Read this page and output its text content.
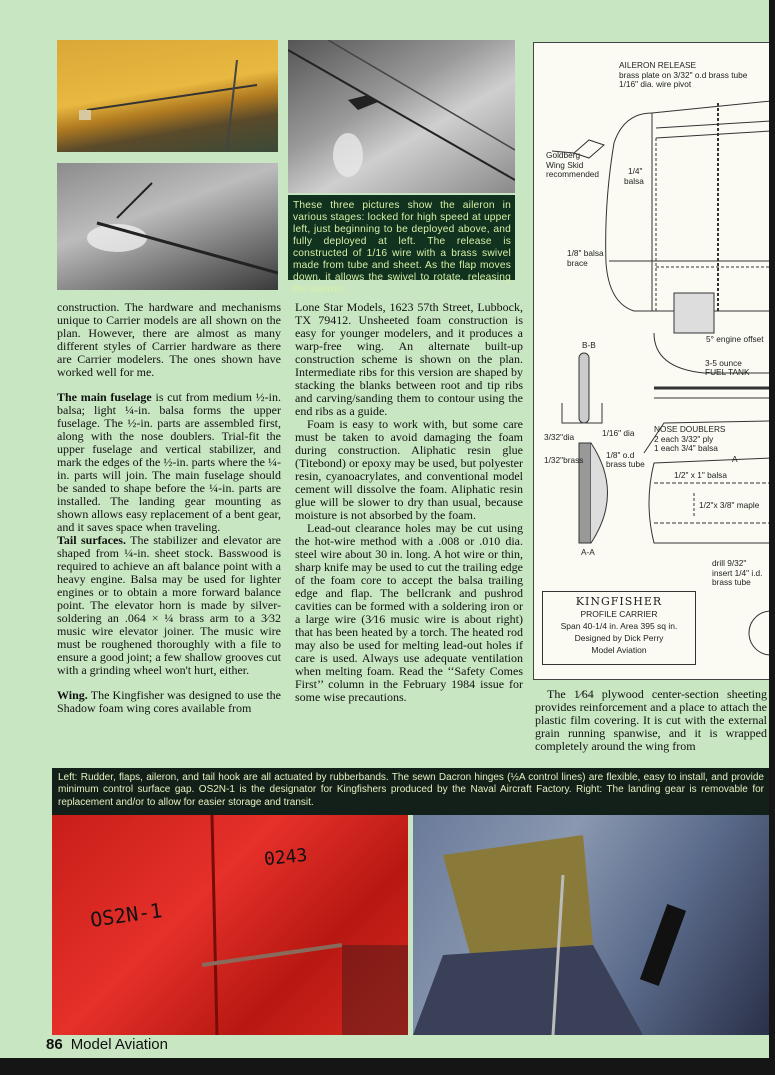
These three pictures show the aileron in various stages: locked for high speed at upper left, just beginning to be deployed above, and fully deployed at left. The release is constructed of 1/16 wire with a brass swivel made from tube and sheet. As the flap moves down, it allows the swivel to rotate, releasing the aileron.
AILERON RELEASE
brass plate on 3/32" o.d brass tube
1/16" dia. wire pivot
Goldberg
Wing Skid
recommended	1/4"
balsa
1/8" balsa
brace
5° engine offset
3-5 ounce
FUEL TANK
B-B
3/32"dia	1/16" dia
1/32"brass	1/8" o.d
brass tube
NOSE DOUBLERS
2 each 3/32" ply
1 each 3/4" balsa
A
A-A
1/2" x 1" balsa
1/2"x 3/8" maple
drill 9/32"
insert 1/4" i.d.
brass tube
KINGFISHER
PROFILE CARRIER
Span 40-1/4 in. Area 395 sq in.
Designed by Dick Perry
Model Aviation

construction. The hardware and mechanisms unique to Carrier models are all shown on the plan. However, there are almost as many different styles of Carrier hardware as there are Carrier modelers. The ones shown have worked well for me.

The main fuselage is cut from medium ½-in. balsa; light ¼-in. balsa forms the upper fuselage. The ½-in. parts are assembled first, along with the nose doublers. Trial-fit the upper fuselage and vertical stabilizer, and mark the edges of the ½-in. parts where the ¼-in. parts will join. The main fuselage should be sanded to shape before the ¼-in. parts are installed. The landing gear mounting as shown allows easy replacement of a bent gear, and it saves space when traveling.

Tail surfaces. The stabilizer and elevator are shaped from ¼-in. sheet stock. Basswood is required to achieve an aft balance point with a heavy engine. Balsa may be used for lighter engines or to obtain a more forward balance point. The elevator horn is made by silver-soldering an .064 × ¼ brass arm to a 3⁄32 music wire elevator joiner. The music wire must be roughened thoroughly with a file to ensure a good joint; a few shallow grooves cut with a grinding wheel won't hurt, either.

Wing. The Kingfisher was designed to use the Shadow foam wing cores available from

Lone Star Models, 1623 57th Street, Lubbock, TX 79412. Unsheeted foam construction is easy for younger modelers, and it produces a warp-free wing. An alternate built-up construction scheme is shown on the plan. Intermediate ribs for this version are shaped by stacking the blanks between root and tip ribs and carving/sanding them to contour using the end ribs as a guide.

Foam is easy to work with, but some care must be taken to avoid damaging the foam during construction. Aliphatic resin glue (Titebond) or epoxy may be used, but polyester resin, cyanoacrylates, and conventional model cement will dissolve the foam. Aliphatic resin glue will be slower to dry than usual, because moisture is not absorbed by the foam.

Lead-out clearance holes may be cut using the hot-wire method with a .008 or .010 dia. steel wire about 30 in. long. A hot wire or thin, sharp knife may be used to cut the trailing edge of the foam core to accept the balsa trailing edge and flap. The bellcrank and pushrod cavities can be formed with a soldering iron or a large wire (3⁄16 music wire is about right) that has been heated by a torch. The heated rod may also be used for melting lead-out holes if care is used. Always use adequate ventilation when melting foam. Read the ‘‘Safety Comes First’’ column in the February 1984 issue for some wise precautions.	The 1⁄64 plywood center-section sheeting provides reinforcement and a place to attach the plastic film covering. It is cut with the external grain running spanwise, and it is wrapped completely around the wing from

Left: Rudder, flaps, aileron, and tail hook are all actuated by rubberbands. The sewn Dacron hinges (½A control lines) are flexible, easy to install, and provide minimum control surface gap. OS2N-1 is the designator for Kingfishers produced by the Naval Aircraft Factory. Right: The landing gear is removable for replacement and/or to allow for easier storage and transit.
OS2N-1
0243
86 Model Aviation
